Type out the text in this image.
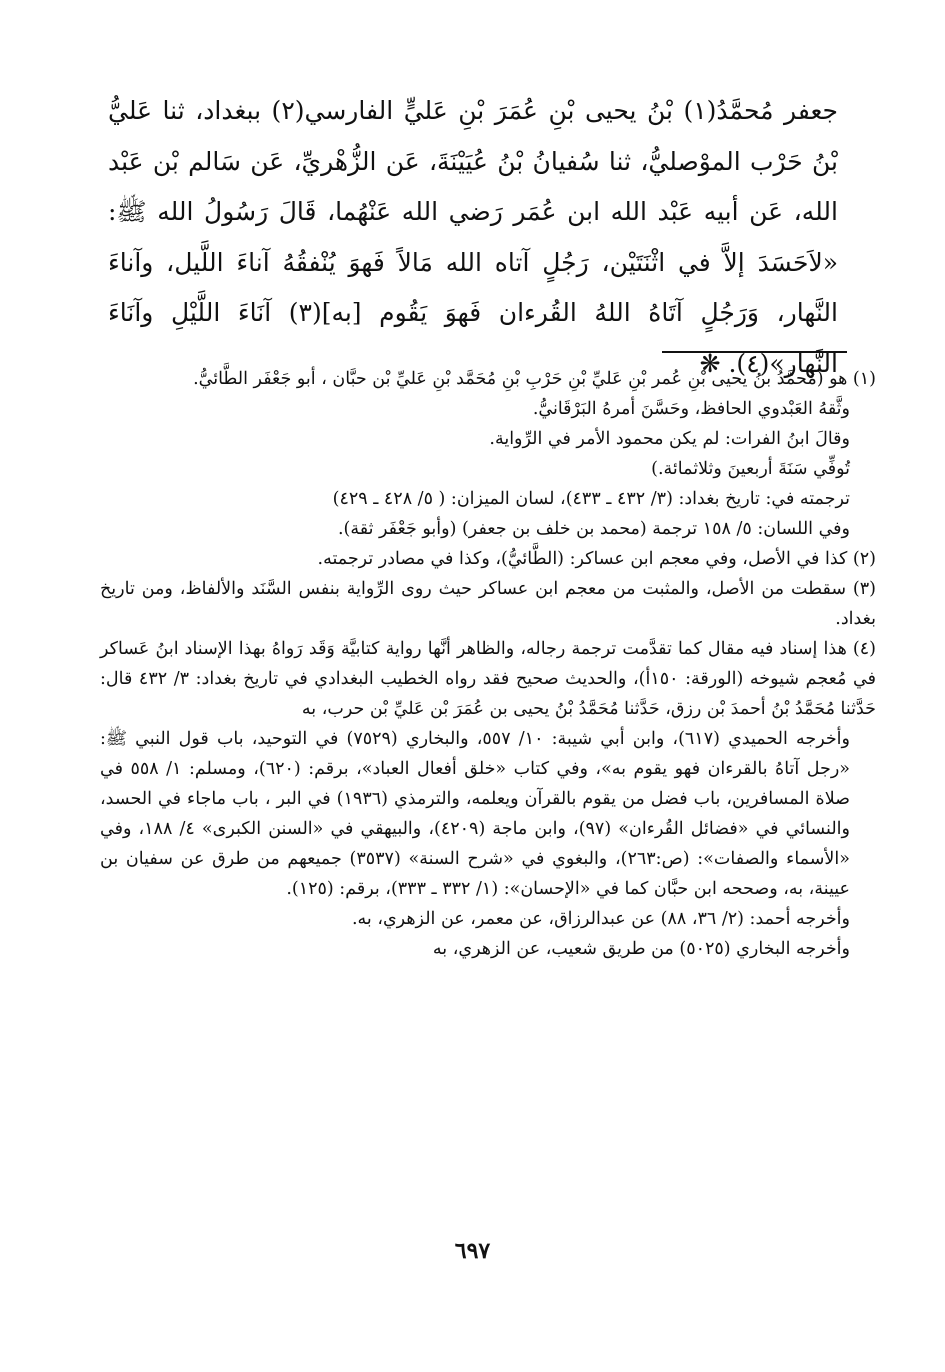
جعفر مُحمَّدُ(١) بْنُ يحيى بْنِ عُمَرَ بْنِ عَليٍّ الفارسي(٢) ببغداد، ثنا عَليُّ بْنُ حَرْب الموْصليُّ، ثنا سُفيانُ بْنُ عُيَيْنَةَ، عَن الزُّهْريِّ، عَن سَالم بْن عَبْد الله، عَن أبيه عَبْد الله ابن عُمَر رَضي الله عَنْهُما، قَالَ رَسُولُ الله ﷺ: «لاَحَسَدَ إلاَّ في اثْنَتَيْن، رَجُلٍ آتاه الله مَالاً فَهوَ يُنْفقُهُ آناءَ اللَّيل، وآناءَ النَّهار، وَرَجُلٍ آتَاهُ اللهُ القُرءان فَهوَ يَقُوم [به](٣) آنَاءَ اللَّيْلِ وآنَاءَ النَّهار»(٤). ❋

(١) هو (مُحمَّدُ بنُ يحيى بْنِ عُمر بْنِ عَليِّ بْنِ حَرْبِ بْنِ مُحَمَّد بْنِ عَليِّ بْن حبَّان ، أبو جَعْفَر الطَّائيُّ.

وثَّقهُ العَبْدوي الحافظ، وحَسَّنَ أمرهُ البَرْقَانيُّ.

وقالَ ابنُ الفرات: لم يكن محمود الأمر في الرِّواية.

تُوفِّي سَنَةَ أربعينَ وثلاثمائة.)

ترجمته في: تاريخ بغداد: (٣/ ٤٣٢ ـ ٤٣٣)، لسان الميزان: ( ٥/ ٤٢٨ ـ ٤٢٩)

وفي اللسان: ٥/ ١٥٨ ترجمة (محمد بن خلف بن جعفر) (وأبو جَعْفَر ثقة).

(٢) كذا في الأصل، وفي معجم ابن عساكر: (الطَّائيُّ)، وكذا في مصادر ترجمته.

(٣) سقطت من الأصل، والمثبت من معجم ابن عساكر حيث روى الرِّواية بنفس السَّنَد والألفاظ، ومن تاريخ بغداد.

(٤) هذا إسناد فيه مقال كما تقدَّمت ترجمة رجاله، والظاهر أنَّها رواية كتابيَّة وَقَد رَواهُ بهذا الإسناد ابنُ عَساكر في مُعجم شيوخه (الورقة: ١٥٠أ)، والحديث صحيح فقد رواه الخطيب البغدادي في تاريخ بغداد: ٣/ ٤٣٢ قال: حَدَّثنا مُحَمَّدُ بْنُ أحمدَ بْن رزق، حَدَّثنا مُحَمَّدُ بْنُ يحيى بن عُمَرَ بْن عَليِّ بْن حرب، به

وأخرجه الحميدي (٦١٧)، وابن أبي شيبة: ١٠/ ٥٥٧، والبخاري (٧٥٢٩) في التوحيد، باب قول النبي ﷺ: «رجل آتاهُ بالقرءان فهو يقوم به»، وفي كتاب «خلق أفعال العباد»، برقم: (٦٢٠)، ومسلم: ١/ ٥٥٨ في صلاة المسافرين، باب فضل من يقوم بالقرآن ويعلمه، والترمذي (١٩٣٦) في البر ، باب ماجاء في الحسد، والنسائي في «فضائل القُرءان» (٩٧)، وابن ماجة (٤٢٠٩)، والبيهقي في «السنن الكبرى» ٤/ ١٨٨، وفي «الأسماء والصفات»: (ص:٢٦٣)، والبغوي في «شرح السنة» (٣٥٣٧) جميعهم من طرق عن سفيان بن عيينة، به، وصححه ابن حبَّان كما في «الإحسان»: (١/ ٣٣٢ ـ ٣٣٣)، برقم: (١٢٥).

وأخرجه أحمد: (٢/ ٣٦، ٨٨) عن عبدالرزاق، عن معمر، عن الزهري، به.

وأخرجه البخاري (٥٠٢٥) من طريق شعيب، عن الزهري، به

٦٩٧
